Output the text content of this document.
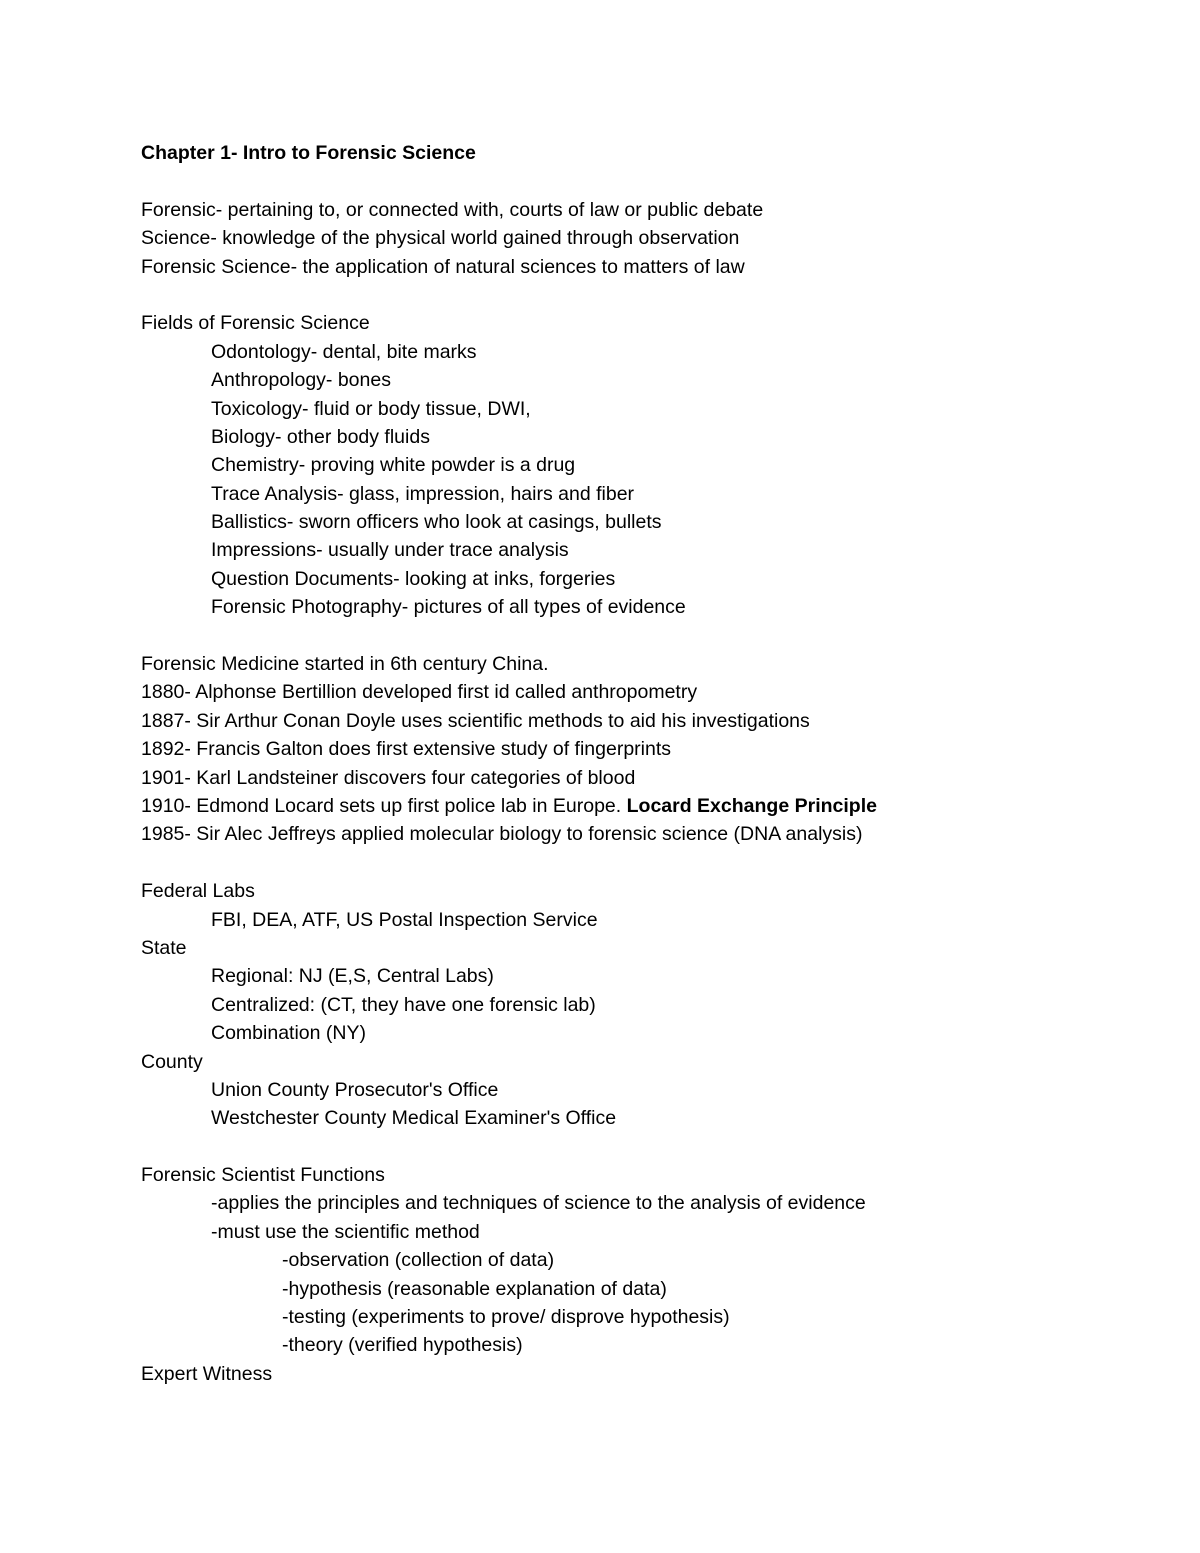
Chapter 1- Intro to Forensic Science
Forensic- pertaining to, or connected with, courts of law or public debate
Science- knowledge of the physical world gained through observation
Forensic Science- the application of natural sciences to matters of law
Fields of Forensic Science
Odontology- dental, bite marks
Anthropology- bones
Toxicology- fluid or body tissue, DWI,
Biology- other body fluids
Chemistry- proving white powder is a drug
Trace Analysis- glass, impression, hairs and fiber
Ballistics- sworn officers who look at casings, bullets
Impressions- usually under trace analysis
Question Documents- looking at inks, forgeries
Forensic Photography- pictures of all types of evidence
Forensic Medicine started in 6th century China.
1880- Alphonse Bertillion developed first id called anthropometry
1887- Sir Arthur Conan Doyle uses scientific methods to aid his investigations
1892- Francis Galton does first extensive study of fingerprints
1901- Karl Landsteiner discovers four categories of blood
1910- Edmond Locard sets up first police lab in Europe. Locard Exchange Principle
1985- Sir Alec Jeffreys applied molecular biology to forensic science (DNA analysis)
Federal Labs
FBI, DEA, ATF, US Postal Inspection Service
State
Regional: NJ (E,S, Central Labs)
Centralized: (CT, they have one forensic lab)
Combination (NY)
County
Union County Prosecutor's Office
Westchester County Medical Examiner's Office
Forensic Scientist Functions
-applies the principles and techniques of science to the analysis of evidence
-must use the scientific method
-observation (collection of data)
-hypothesis (reasonable explanation of data)
-testing (experiments to prove/ disprove hypothesis)
-theory (verified hypothesis)
Expert Witness
